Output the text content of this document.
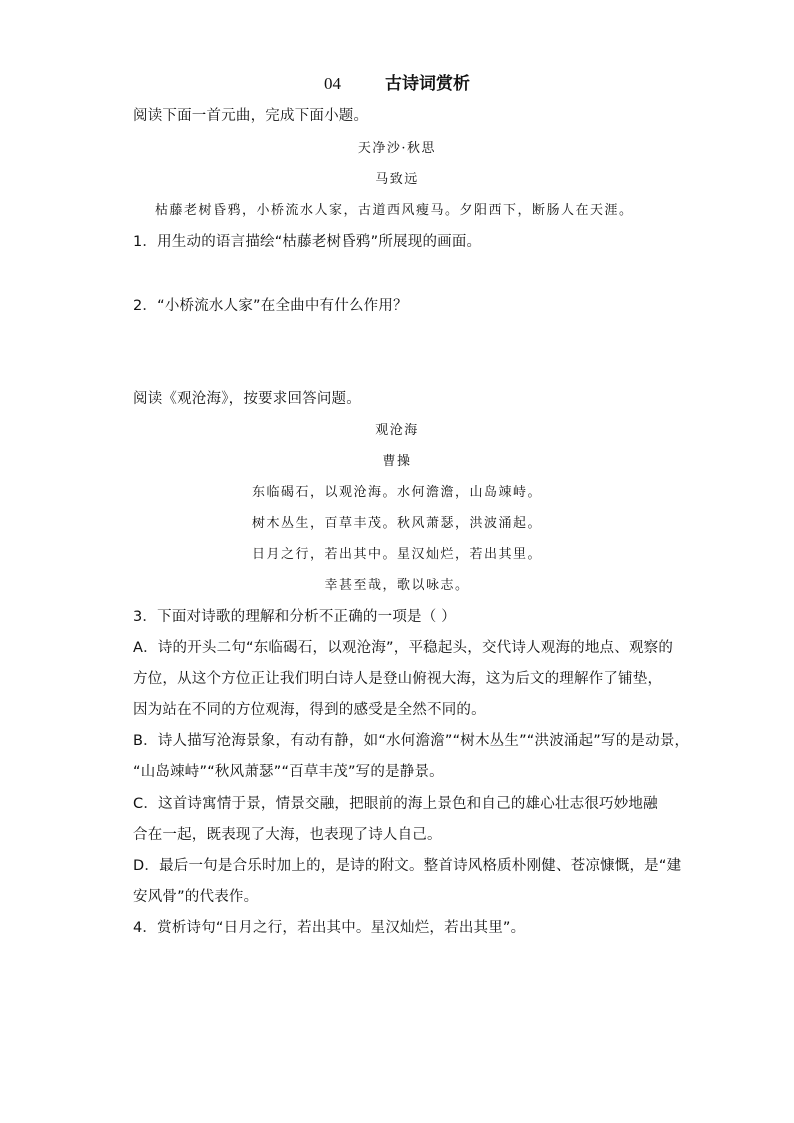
04	古诗词赏析
阅读下面一首元曲，完成下面小题。
天净沙·秋思
马致远
枯藤老树昏鸦，小桥流水人家，古道西风瘦马。夕阳西下，断肠人在天涯。
1．用生动的语言描绘“枯藤老树昏鸦”所展现的画面。
2．“小桥流水人家”在全曲中有什么作用？
阅读《观沧海》，按要求回答问题。
观沧海
曹操
东临碣石，以观沧海。水何澹澹，山岛竦峙。
树木丛生，百草丰茂。秋风萧瑟，洪波涌起。
日月之行，若出其中。星汉灿烂，若出其里。
幸甚至哉，歌以咏志。
3．下面对诗歌的理解和分析不正确的一项是（ ）
A．诗的开头二句“东临碣石，以观沧海”，平稳起头，交代诗人观海的地点、观察的
方位，从这个方位正让我们明白诗人是登山俯视大海，这为后文的理解作了铺垫，
因为站在不同的方位观海，得到的感受是全然不同的。
B．诗人描写沧海景象，有动有静，如“水何澹澹”“树木丛生”“洪波涌起”写的是动景，
“山岛竦峙”“秋风萧瑟”“百草丰茂”写的是静景。
C．这首诗寓情于景，情景交融，把眼前的海上景色和自己的雄心壮志很巧妙地融
合在一起，既表现了大海，也表现了诗人自己。
D．最后一句是合乐时加上的，是诗的附文。整首诗风格质朴刚健、苍凉慷慨，是“建
安风骨”的代表作。
4．赏析诗句“日月之行，若出其中。星汉灿烂，若出其里”。
